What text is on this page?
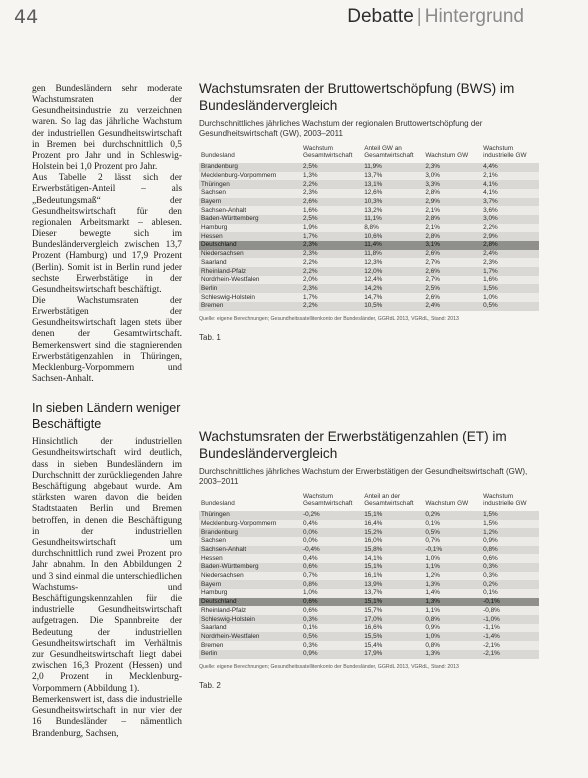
44	Debatte | Hintergrund

gen Bundesländern sehr moderate Wachstumsraten der Gesundheitsindustrie zu verzeichnen waren. So lag das jährliche Wachstum der industriellen Gesundheitswirtschaft in Bremen bei durchschnittlich 0,5 Prozent pro Jahr und in Schleswig-Holstein bei 1,0 Prozent pro Jahr.

Aus Tabelle 2 lässt sich der Erwerbstätigen-Anteil – als „Bedeutungsmaß“ der Gesundheitswirtschaft für den regionalen Arbeitsmarkt – ablesen. Dieser bewegte sich im Bundesländervergleich zwischen 13,7 Prozent (Hamburg) und 17,9 Prozent (Berlin). Somit ist in Berlin rund jeder sechste Erwerbstätige in der Gesundheitswirtschaft beschäftigt.

Die Wachstumsraten der Erwerbstätigen der Gesundheitswirtschaft lagen stets über denen der Gesamtwirtschaft. Bemerkenswert sind die stagnierenden Erwerbstätigenzahlen in Thüringen, Mecklenburg-Vorpommern und Sachsen-Anhalt.

In sieben Ländern weniger Beschäftigte

Hinsichtlich der industriellen Gesundheitswirtschaft wird deutlich, dass in sieben Bundesländern im Durchschnitt der zurückliegenden Jahre Beschäftigung abgebaut wurde. Am stärksten waren davon die beiden Stadtstaaten Berlin und Bremen betroffen, in denen die Beschäftigung in der industriellen Gesundheitswirtschaft um durchschnittlich rund zwei Prozent pro Jahr abnahm. In den Abbildungen 2 und 3 sind einmal die unterschiedlichen Wachstums- und Beschäftigungskennzahlen für die industrielle Gesundheitswirtschaft aufgetragen. Die Spannbreite der Bedeutung der industriellen Gesundheitswirtschaft im Verhältnis zur Gesundheitswirtschaft liegt dabei zwischen 16,3 Prozent (Hessen) und 2,0 Prozent in Mecklenburg-Vorpommern (Abbildung 1).

Bemerkenswert ist, dass die industrielle Gesundheitswirtschaft in nur vier der 16 Bundesländer – nämentlich Brandenburg, Sachsen,

Wachstumsraten der Bruttowertschöpfung (BWS) im Bundesländervergleich
Durchschnittliches jährliches Wachstum der regionalen Bruttowertschöpfung der Gesundheitswirtschaft (GW), 2003–2011
Bundesland	Wachstum Gesamtwirtschaft	Anteil GW an Gesamtwirtschaft	Wachstum GW	Wachstum industrielle GW
Brandenburg	2,5%	11,9%	2,3%	4,4%
Mecklenburg-Vorpommern	1,3%	13,7%	3,0%	2,1%
Thüringen	2,2%	13,1%	3,3%	4,1%
Sachsen	2,3%	12,6%	2,8%	4,1%
Bayern	2,6%	10,3%	2,9%	3,7%
Sachsen-Anhalt	1,6%	13,2%	2,1%	3,6%
Baden-Württemberg	2,5%	11,1%	2,8%	3,0%
Hamburg	1,9%	8,8%	2,1%	2,2%
Hessen	1,7%	10,6%	2,8%	2,9%
Deutschland	2,3%	11,4%	3,1%	2,8%
Niedersachsen	2,3%	11,8%	2,6%	2,4%
Saarland	2,2%	12,3%	2,7%	2,3%
Rheinland-Pfalz	2,2%	12,0%	2,6%	1,7%
Nordrhein-Westfalen	2,0%	12,4%	2,7%	1,6%
Berlin	2,3%	14,2%	2,5%	1,5%
Schleswig-Holstein	1,7%	14,7%	2,6%	1,0%
Bremen	2,2%	10,5%	2,4%	0,5%
Quelle: eigene Berechnungen; Gesundheitssatellitenkonto der Bundesländer, GGRdL 2013, VGRdL, Stand: 2013
Tab. 1
Wachstumsraten der Erwerbstätigenzahlen (ET) im Bundesländervergleich
Durchschnittliches jährliches Wachstum der Erwerbstätigen der Gesundheitswirtschaft (GW), 2003–2011
Bundesland	Wachstum Gesamtwirtschaft	Anteil an der Gesamtwirtschaft	Wachstum GW	Wachstum industrielle GW
Thüringen	-0,2%	15,1%	0,2%	1,5%
Mecklenburg-Vorpommern	0,4%	16,4%	0,1%	1,5%
Brandenburg	0,0%	15,2%	0,5%	1,2%
Sachsen	0,0%	16,0%	0,7%	0,9%
Sachsen-Anhalt	-0,4%	15,8%	-0,1%	0,8%
Hessen	0,4%	14,1%	1,0%	0,6%
Baden-Württemberg	0,6%	15,1%	1,1%	0,3%
Niedersachsen	0,7%	16,1%	1,2%	0,3%
Bayern	0,8%	13,9%	1,3%	0,2%
Hamburg	1,0%	13,7%	1,4%	0,1%
Deutschland	0,6%	15,1%	1,3%	-0,1%
Rheinland-Pfalz	0,6%	15,7%	1,1%	-0,8%
Schleswig-Holstein	0,3%	17,0%	0,8%	-1,0%
Saarland	0,1%	16,6%	0,9%	-1,1%
Nordrhein-Westfalen	0,5%	15,5%	1,0%	-1,4%
Bremen	0,3%	15,4%	0,8%	-2,1%
Berlin	0,9%	17,9%	1,3%	-2,1%
Quelle: eigene Berechnungen; Gesundheitssatellitenkonto der Bundesländer, GGRdL 2013, VGRdL, Stand: 2013
Tab. 2
